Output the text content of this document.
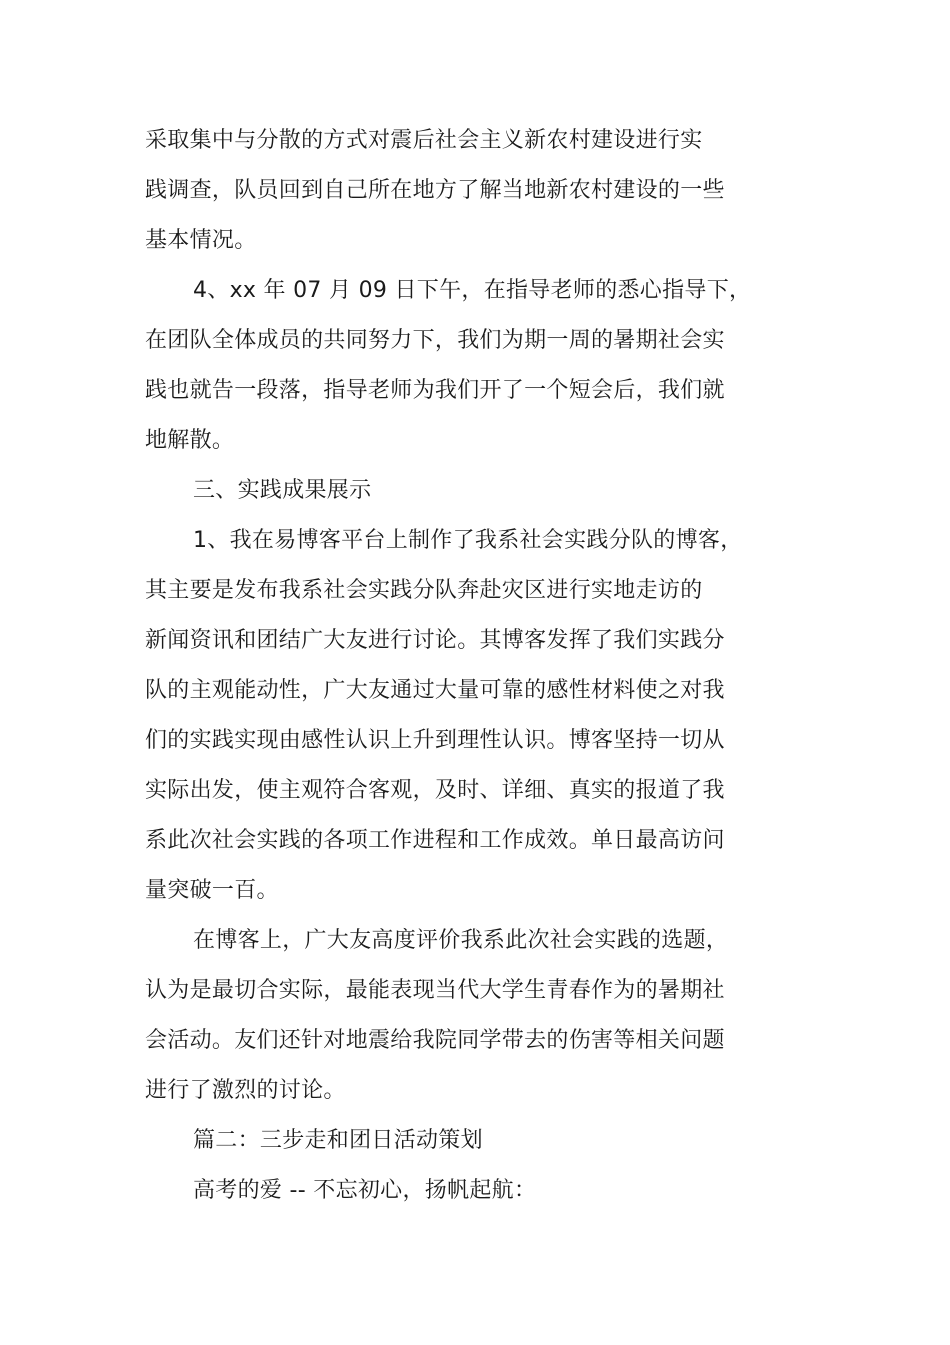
采取集中与分散的方式对震后社会主义新农村建设进行实
践调查，队员回到自己所在地方了解当地新农村建设的一些
基本情况。
4、xx 年 07 月 09 日下午，在指导老师的悉心指导下，
在团队全体成员的共同努力下，我们为期一周的暑期社会实
践也就告一段落，指导老师为我们开了一个短会后，我们就
地解散。
三、实践成果展示
1、我在易博客平台上制作了我系社会实践分队的博客，
其主要是发布我系社会实践分队奔赴灾区进行实地走访的
新闻资讯和团结广大友进行讨论。其博客发挥了我们实践分
队的主观能动性，广大友通过大量可靠的感性材料使之对我
们的实践实现由感性认识上升到理性认识。博客坚持一切从
实际出发，使主观符合客观，及时、详细、真实的报道了我
系此次社会实践的各项工作进程和工作成效。单日最高访问
量突破一百。
在博客上，广大友高度评价我系此次社会实践的选题，
认为是最切合实际，最能表现当代大学生青春作为的暑期社
会活动。友们还针对地震给我院同学带去的伤害等相关问题
进行了激烈的讨论。
篇二：三步走和团日活动策划
高考的爱 -- 不忘初心，扬帆起航：
